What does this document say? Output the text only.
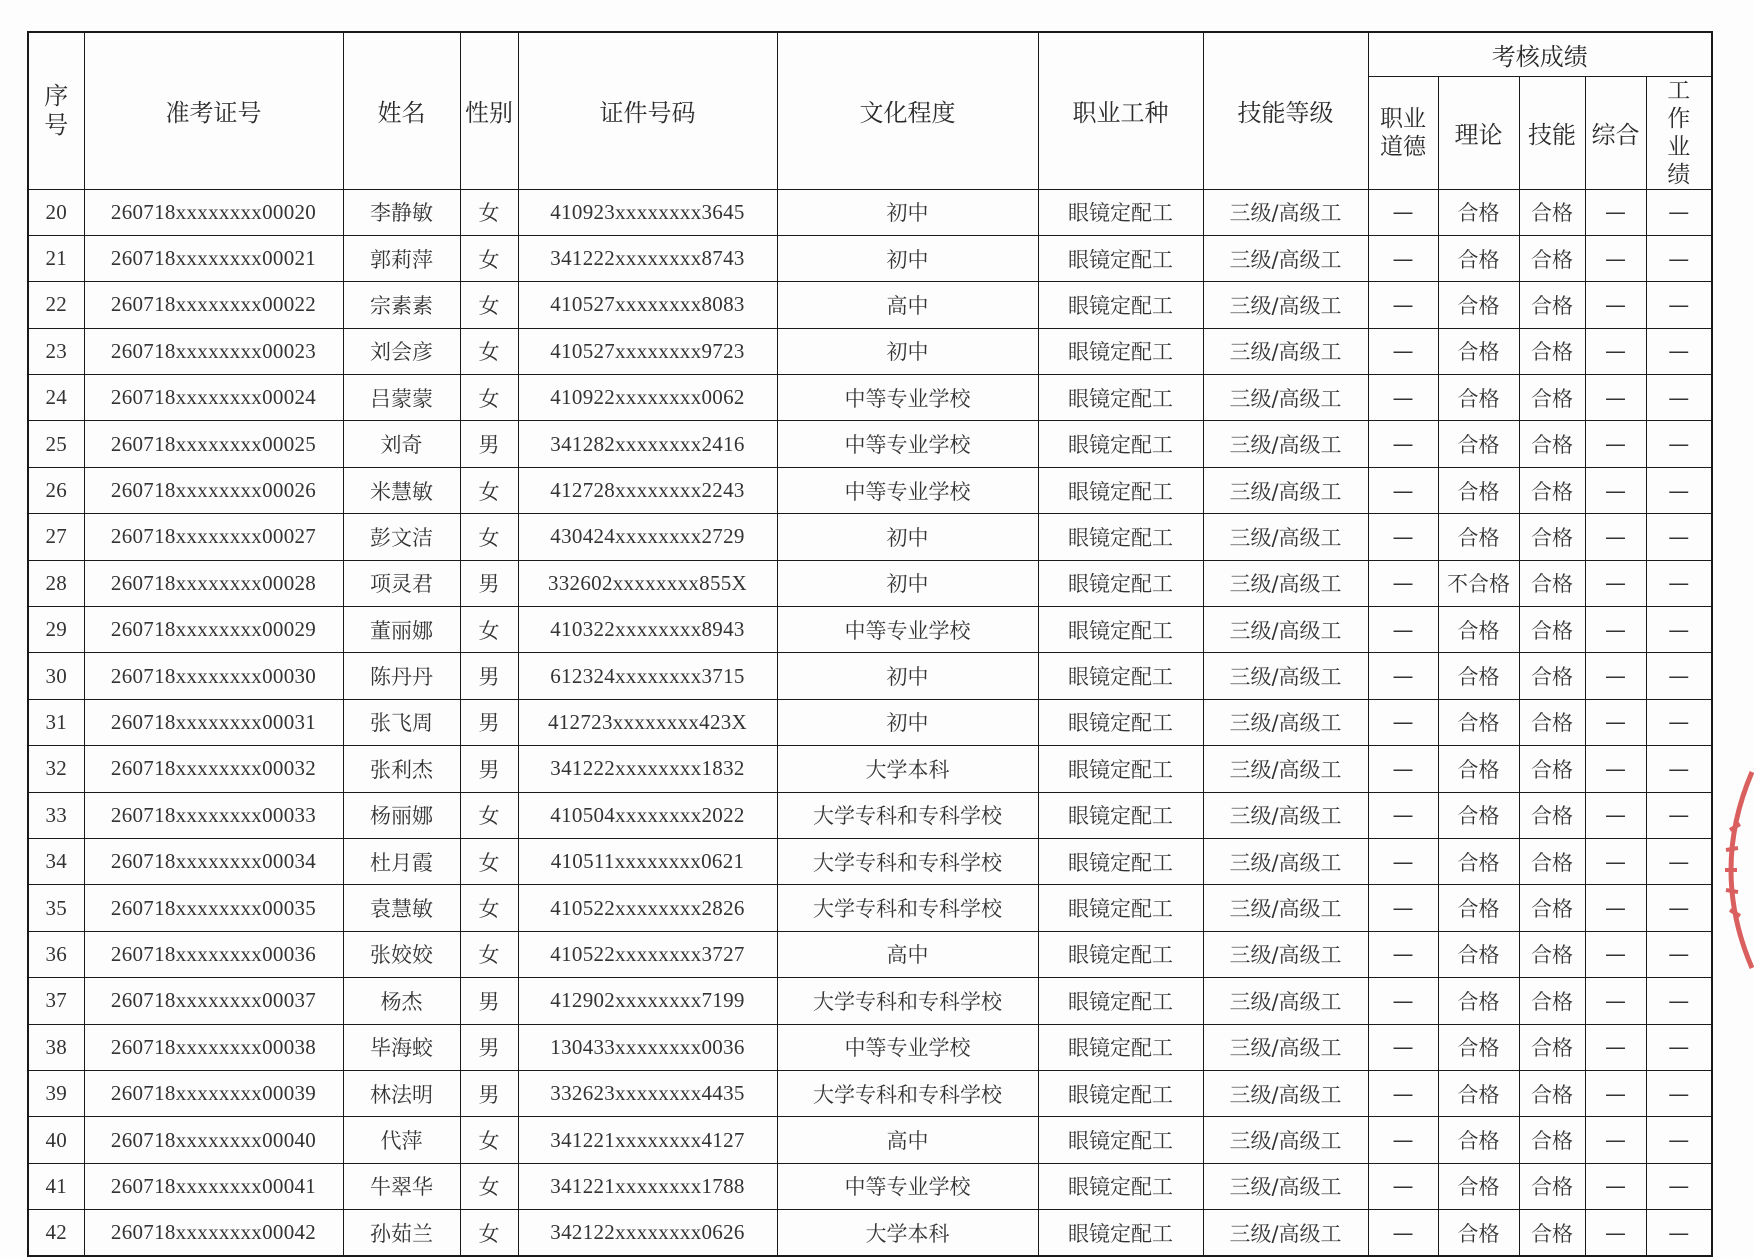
序号	准考证号	姓名	性别	证件号码	文化程度	职业工种	技能等级	考核成绩				
								职业道德	理论	技能	综合	工作业绩
20	260718xxxxxxxx00020	李静敏	女	410923xxxxxxxx3645	初中	眼镜定配工	三级/高级工	—	合格	合格	—	—
21	260718xxxxxxxx00021	郭莉萍	女	341222xxxxxxxx8743	初中	眼镜定配工	三级/高级工	—	合格	合格	—	—
22	260718xxxxxxxx00022	宗素素	女	410527xxxxxxxx8083	高中	眼镜定配工	三级/高级工	—	合格	合格	—	—
23	260718xxxxxxxx00023	刘会彦	女	410527xxxxxxxx9723	初中	眼镜定配工	三级/高级工	—	合格	合格	—	—
24	260718xxxxxxxx00024	吕蒙蒙	女	410922xxxxxxxx0062	中等专业学校	眼镜定配工	三级/高级工	—	合格	合格	—	—
25	260718xxxxxxxx00025	刘奇	男	341282xxxxxxxx2416	中等专业学校	眼镜定配工	三级/高级工	—	合格	合格	—	—
26	260718xxxxxxxx00026	米慧敏	女	412728xxxxxxxx2243	中等专业学校	眼镜定配工	三级/高级工	—	合格	合格	—	—
27	260718xxxxxxxx00027	彭文洁	女	430424xxxxxxxx2729	初中	眼镜定配工	三级/高级工	—	合格	合格	—	—
28	260718xxxxxxxx00028	项灵君	男	332602xxxxxxxx855X	初中	眼镜定配工	三级/高级工	—	不合格	合格	—	—
29	260718xxxxxxxx00029	董丽娜	女	410322xxxxxxxx8943	中等专业学校	眼镜定配工	三级/高级工	—	合格	合格	—	—
30	260718xxxxxxxx00030	陈丹丹	男	612324xxxxxxxx3715	初中	眼镜定配工	三级/高级工	—	合格	合格	—	—
31	260718xxxxxxxx00031	张飞周	男	412723xxxxxxxx423X	初中	眼镜定配工	三级/高级工	—	合格	合格	—	—
32	260718xxxxxxxx00032	张利杰	男	341222xxxxxxxx1832	大学本科	眼镜定配工	三级/高级工	—	合格	合格	—	—
33	260718xxxxxxxx00033	杨丽娜	女	410504xxxxxxxx2022	大学专科和专科学校	眼镜定配工	三级/高级工	—	合格	合格	—	—
34	260718xxxxxxxx00034	杜月霞	女	410511xxxxxxxx0621	大学专科和专科学校	眼镜定配工	三级/高级工	—	合格	合格	—	—
35	260718xxxxxxxx00035	袁慧敏	女	410522xxxxxxxx2826	大学专科和专科学校	眼镜定配工	三级/高级工	—	合格	合格	—	—
36	260718xxxxxxxx00036	张姣姣	女	410522xxxxxxxx3727	高中	眼镜定配工	三级/高级工	—	合格	合格	—	—
37	260718xxxxxxxx00037	杨杰	男	412902xxxxxxxx7199	大学专科和专科学校	眼镜定配工	三级/高级工	—	合格	合格	—	—
38	260718xxxxxxxx00038	毕海蛟	男	130433xxxxxxxx0036	中等专业学校	眼镜定配工	三级/高级工	—	合格	合格	—	—
39	260718xxxxxxxx00039	林法明	男	332623xxxxxxxx4435	大学专科和专科学校	眼镜定配工	三级/高级工	—	合格	合格	—	—
40	260718xxxxxxxx00040	代萍	女	341221xxxxxxxx4127	高中	眼镜定配工	三级/高级工	—	合格	合格	—	—
41	260718xxxxxxxx00041	牛翠华	女	341221xxxxxxxx1788	中等专业学校	眼镜定配工	三级/高级工	—	合格	合格	—	—
42	260718xxxxxxxx00042	孙茹兰	女	342122xxxxxxxx0626	大学本科	眼镜定配工	三级/高级工	—	合格	合格	—	—
